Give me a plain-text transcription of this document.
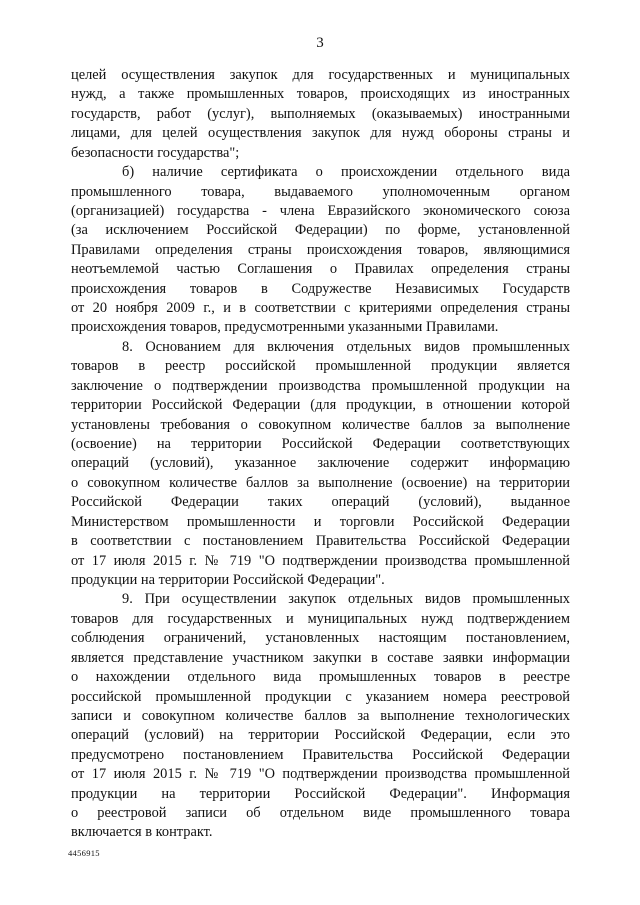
3
целей осуществления закупок для государственных и муниципальных
нужд, а также промышленных товаров, происходящих из иностранных
государств, работ (услуг), выполняемых (оказываемых) иностранными
лицами, для целей осуществления закупок для нужд обороны страны и
безопасности государства";
б) наличие сертификата о происхождении отдельного вида
промышленного товара, выдаваемого уполномоченным органом
(организацией) государства - члена Евразийского экономического союза
(за исключением Российской Федерации) по форме, установленной
Правилами определения страны происхождения товаров, являющимися
неотъемлемой частью Соглашения о Правилах определения страны
происхождения товаров в Содружестве Независимых Государств
от 20 ноября 2009 г., и в соответствии с критериями определения страны
происхождения товаров, предусмотренными указанными Правилами.
8. Основанием для включения отдельных видов промышленных
товаров в реестр российской промышленной продукции является
заключение о подтверждении производства промышленной продукции на
территории Российской Федерации (для продукции, в отношении которой
установлены требования о совокупном количестве баллов за выполнение
(освоение) на территории Российской Федерации соответствующих
операций (условий), указанное заключение содержит информацию
о совокупном количестве баллов за выполнение (освоение) на территории
Российской Федерации таких операций (условий), выданное
Министерством промышленности и торговли Российской Федерации
в соответствии с постановлением Правительства Российской Федерации
от 17 июля 2015 г. № 719 "О подтверждении производства промышленной
продукции на территории Российской Федерации".
9. При осуществлении закупок отдельных видов промышленных
товаров для государственных и муниципальных нужд подтверждением
соблюдения ограничений, установленных настоящим постановлением,
является представление участником закупки в составе заявки информации
о нахождении отдельного вида промышленных товаров в реестре
российской промышленной продукции с указанием номера реестровой
записи и совокупном количестве баллов за выполнение технологических
операций (условий) на территории Российской Федерации, если это
предусмотрено постановлением Правительства Российской Федерации
от 17 июля 2015 г. № 719 "О подтверждении производства промышленной
продукции на территории Российской Федерации". Информация
о реестровой записи об отдельном виде промышленного товара
включается в контракт.
4456915
